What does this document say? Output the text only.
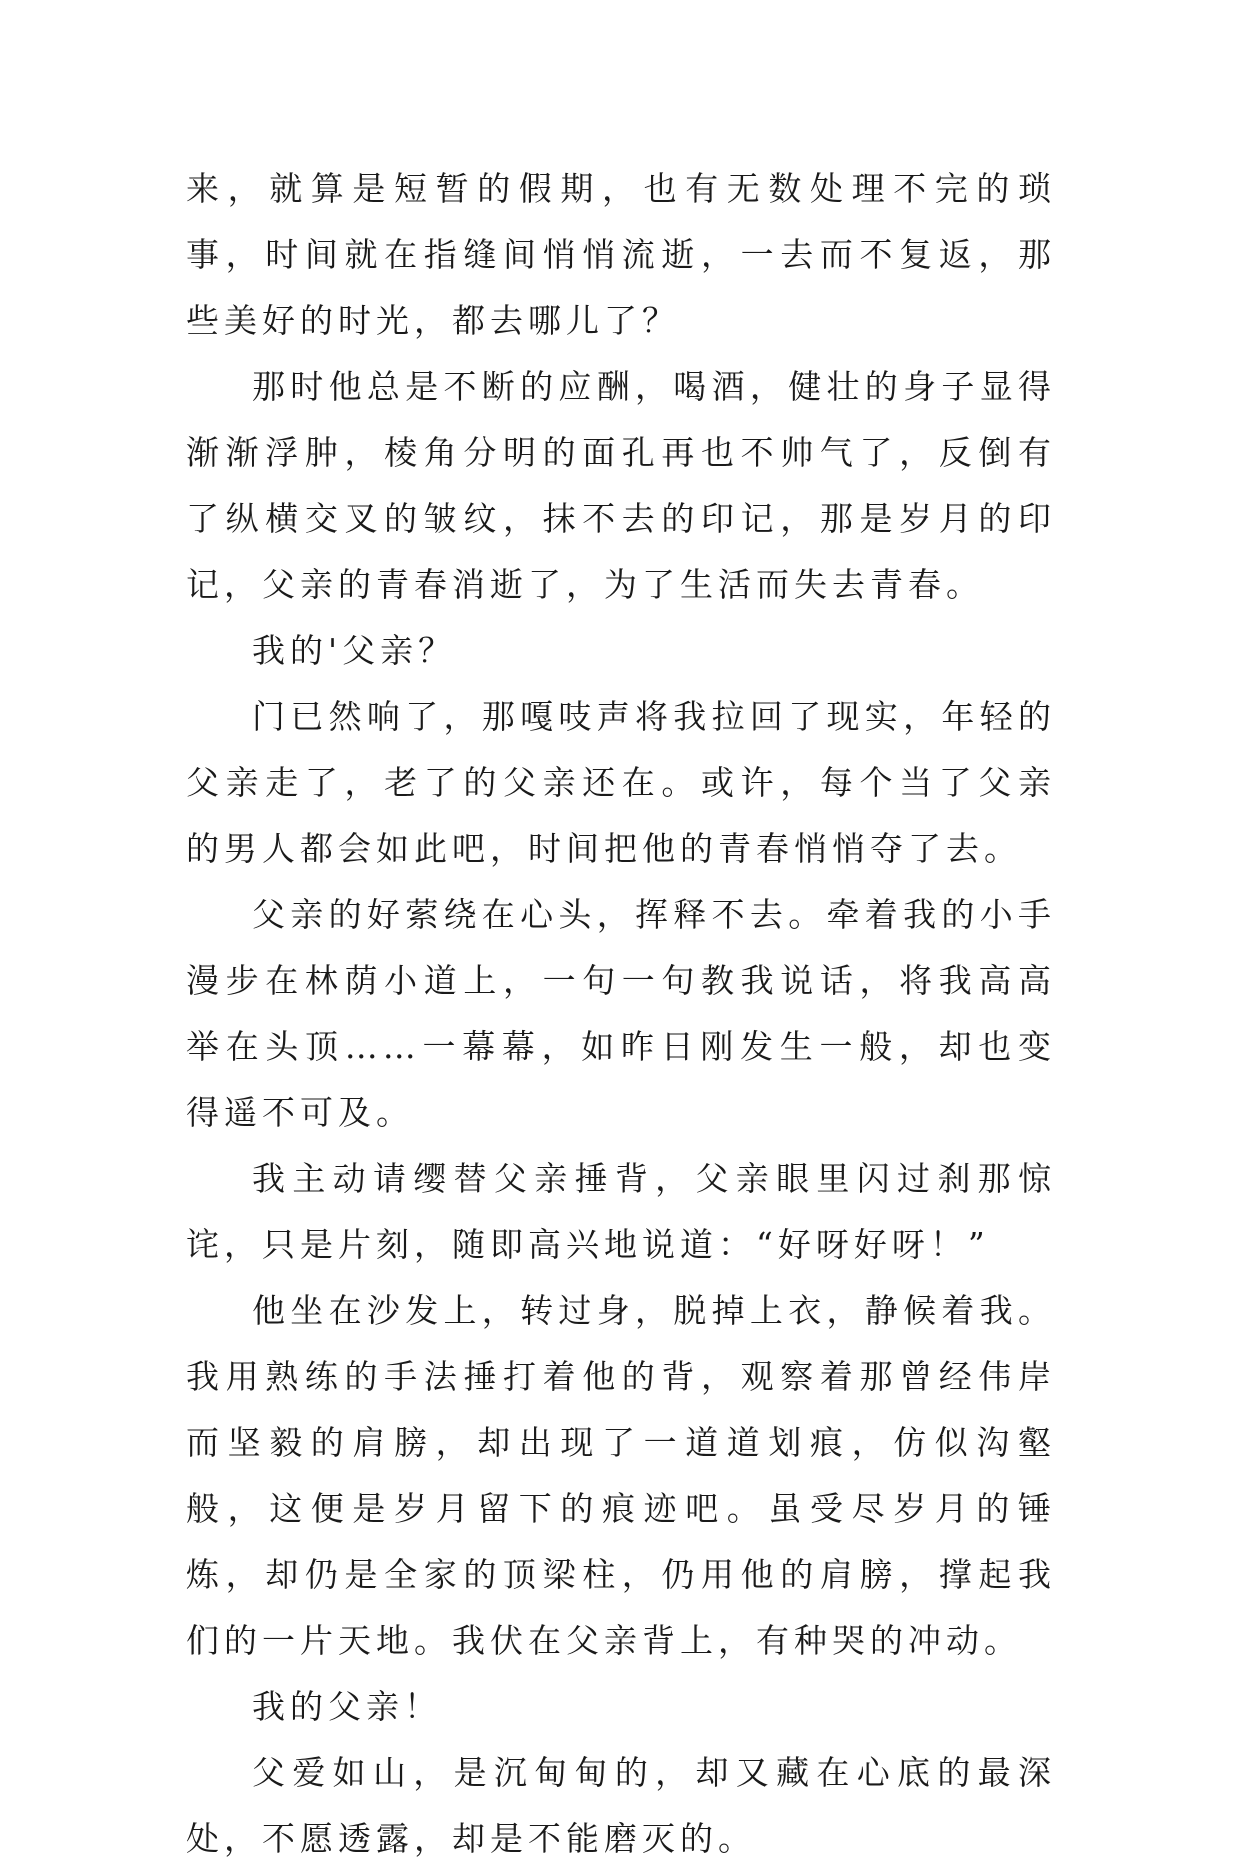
来，就算是短暂的假期，也有无数处理不完的琐事，时间就在指缝间悄悄流逝，一去而不复返，那些美好的时光，都去哪儿了？

那时他总是不断的应酬，喝酒，健壮的身子显得渐渐浮肿，棱角分明的面孔再也不帅气了，反倒有了纵横交叉的皱纹，抹不去的印记，那是岁月的印记，父亲的青春消逝了，为了生活而失去青春。

我的'父亲？

门已然响了，那嘎吱声将我拉回了现实，年轻的父亲走了，老了的父亲还在。或许，每个当了父亲的男人都会如此吧，时间把他的青春悄悄夺了去。

父亲的好萦绕在心头，挥释不去。牵着我的小手漫步在林荫小道上，一句一句教我说话，将我高高举在头顶……一幕幕，如昨日刚发生一般，却也变得遥不可及。

我主动请缨替父亲捶背，父亲眼里闪过刹那惊诧，只是片刻，随即高兴地说道：“好呀好呀！”

他坐在沙发上，转过身，脱掉上衣，静候着我。我用熟练的手法捶打着他的背，观察着那曾经伟岸而坚毅的肩膀，却出现了一道道划痕，仿似沟壑般，这便是岁月留下的痕迹吧。虽受尽岁月的锤炼，却仍是全家的顶梁柱，仍用他的肩膀，撑起我们的一片天地。我伏在父亲背上，有种哭的冲动。

我的父亲！

父爱如山，是沉甸甸的，却又藏在心底的最深处，不愿透露，却是不能磨灭的。
